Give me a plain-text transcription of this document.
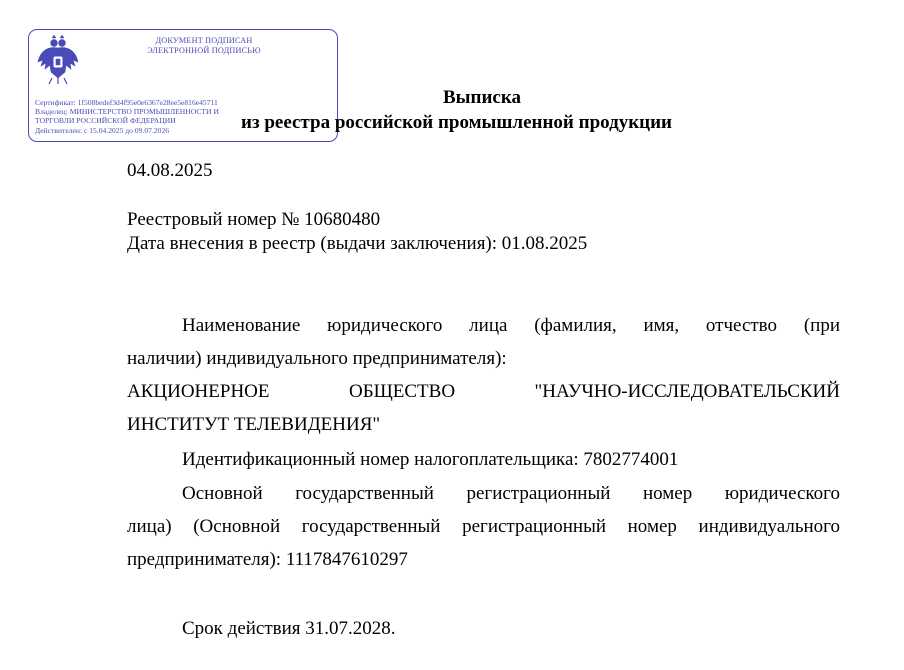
ДОКУМЕНТ ПОДПИСАН
ЭЛЕКТРОННОЙ ПОДПИСЬЮ
Сертификат: 1f508bedef3d4f95e0e6367e28ee5e816e45711
Владелец: МИНИСТЕРСТВО ПРОМЫШЛЕННОСТИ И
ТОРГОВЛИ РОССИЙСКОЙ ФЕДЕРАЦИИ
Действителен: с 15.04.2025 до 09.07.2026
Выписка
из реестра российской промышленной продукции
04.08.2025
Реестровый номер № 10680480
Дата внесения в реестр (выдачи заключения): 01.08.2025
Наименование юридического лица (фамилия, имя, отчество (при
наличии) индивидуального предпринимателя):
АКЦИОНЕРНОЕ ОБЩЕСТВО "НАУЧНО-ИССЛЕДОВАТЕЛЬСКИЙ
ИНСТИТУТ ТЕЛЕВИДЕНИЯ"
Идентификационный номер налогоплательщика: 7802774001
Основной государственный регистрационный номер юридического
лица) (Основной государственный регистрационный номер индивидуального
предпринимателя): 1117847610297
Срок действия 31.07.2028.
